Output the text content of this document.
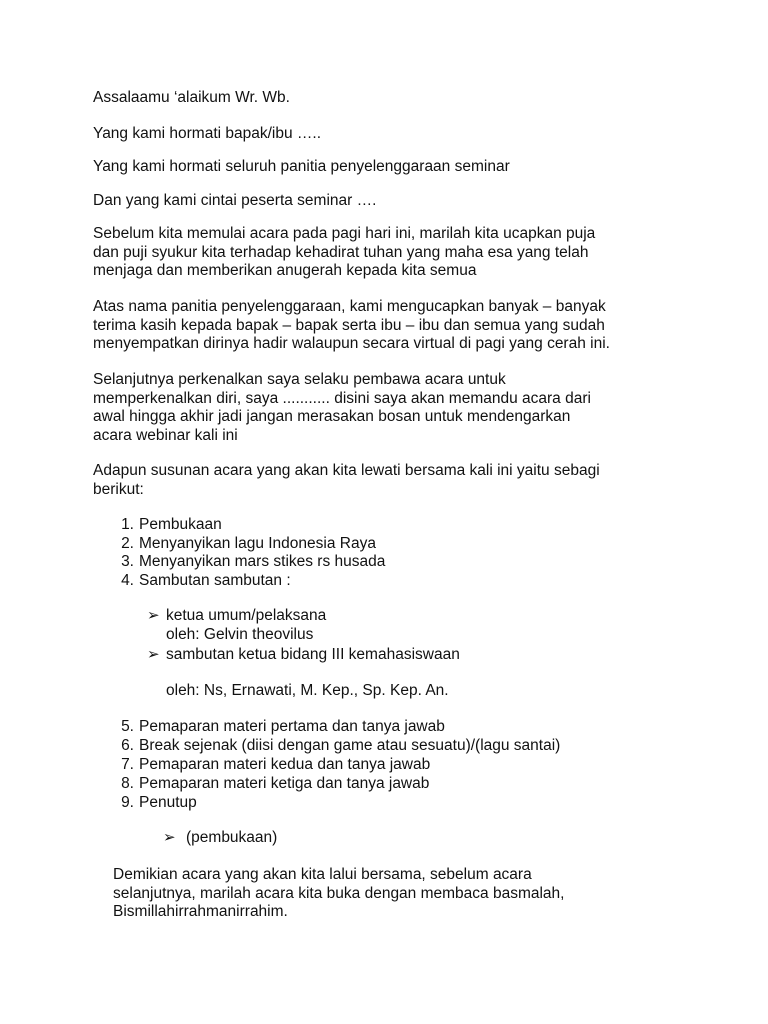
Assalaamu ‘alaikum Wr. Wb.
Yang kami hormati bapak/ibu …..
Yang kami hormati seluruh panitia penyelenggaraan seminar
Dan yang kami cintai peserta seminar ….
Sebelum kita memulai acara pada pagi hari ini, marilah kita ucapkan puja
dan puji syukur kita terhadap kehadirat tuhan yang maha esa yang telah
menjaga dan memberikan anugerah kepada kita semua
Atas nama panitia penyelenggaraan, kami mengucapkan banyak – banyak
terima kasih kepada bapak – bapak serta ibu – ibu dan semua yang sudah
menyempatkan dirinya hadir walaupun secara virtual di pagi yang cerah ini.
Selanjutnya perkenalkan saya selaku pembawa acara untuk
memperkenalkan diri, saya ........... disini saya akan memandu acara dari
awal hingga akhir jadi jangan merasakan bosan untuk mendengarkan
acara webinar kali ini
Adapun susunan acara yang akan kita lewati bersama kali ini yaitu sebagi
berikut:
1. Pembukaan
2. Menyanyikan lagu Indonesia Raya
3. Menyanyikan mars stikes rs husada
4. Sambutan sambutan :
➢ ketua umum/pelaksana
oleh: Gelvin theovilus
➢ sambutan ketua bidang III kemahasiswaan
oleh: Ns, Ernawati, M. Kep., Sp. Kep. An.
5. Pemaparan materi pertama dan tanya jawab
6. Break sejenak (diisi dengan game atau sesuatu)/(lagu santai)
7. Pemaparan materi kedua dan tanya jawab
8. Pemaparan materi ketiga dan tanya jawab
9. Penutup
➢ (pembukaan)
Demikian acara yang akan kita lalui bersama, sebelum acara
selanjutnya, marilah acara kita buka dengan membaca basmalah,
Bismillahirrahmanirrahim.
